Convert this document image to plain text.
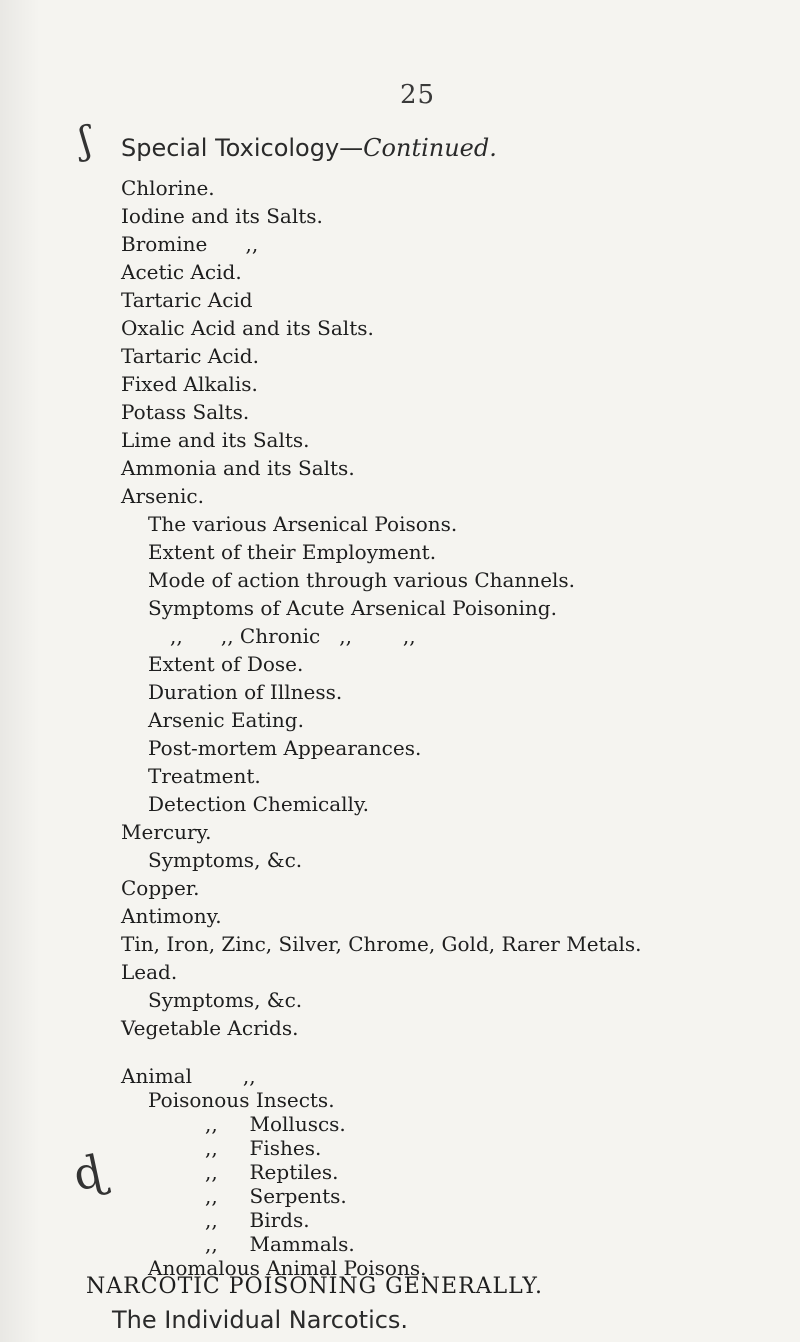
ʃ
ɖ
25
Special Toxicology—Continued.
Chlorine.
Iodine and its Salts.
Bromine      ,,
Acetic Acid.
Tartaric Acid
Oxalic Acid and its Salts.
Tartaric Acid.
Fixed Alkalis.
Potass Salts.
Lime and its Salts.
Ammonia and its Salts.
Arsenic.
The various Arsenical Poisons.
Extent of their Employment.
Mode of action through various Channels.
Symptoms of Acute Arsenical Poisoning.
,,      ,, Chronic   ,,        ,,
Extent of Dose.
Duration of Illness.
Arsenic Eating.
Post-mortem Appearances.
Treatment.
Detection Chemically.
Mercury.
Symptoms, &c.
Copper.
Antimony.
Tin, Iron, Zinc, Silver, Chrome, Gold, Rarer Metals.
Lead.
Symptoms, &c.
Vegetable Acrids.
Animal        ,,
Poisonous Insects.
,,     Molluscs.
,,     Fishes.
,,     Reptiles.
,,     Serpents.
,,     Birds.
NARCOTIC POISONING GENERALLY.
The Individual Narcotics.
,,     Mammals.
Anomalous Animal Poisons.
